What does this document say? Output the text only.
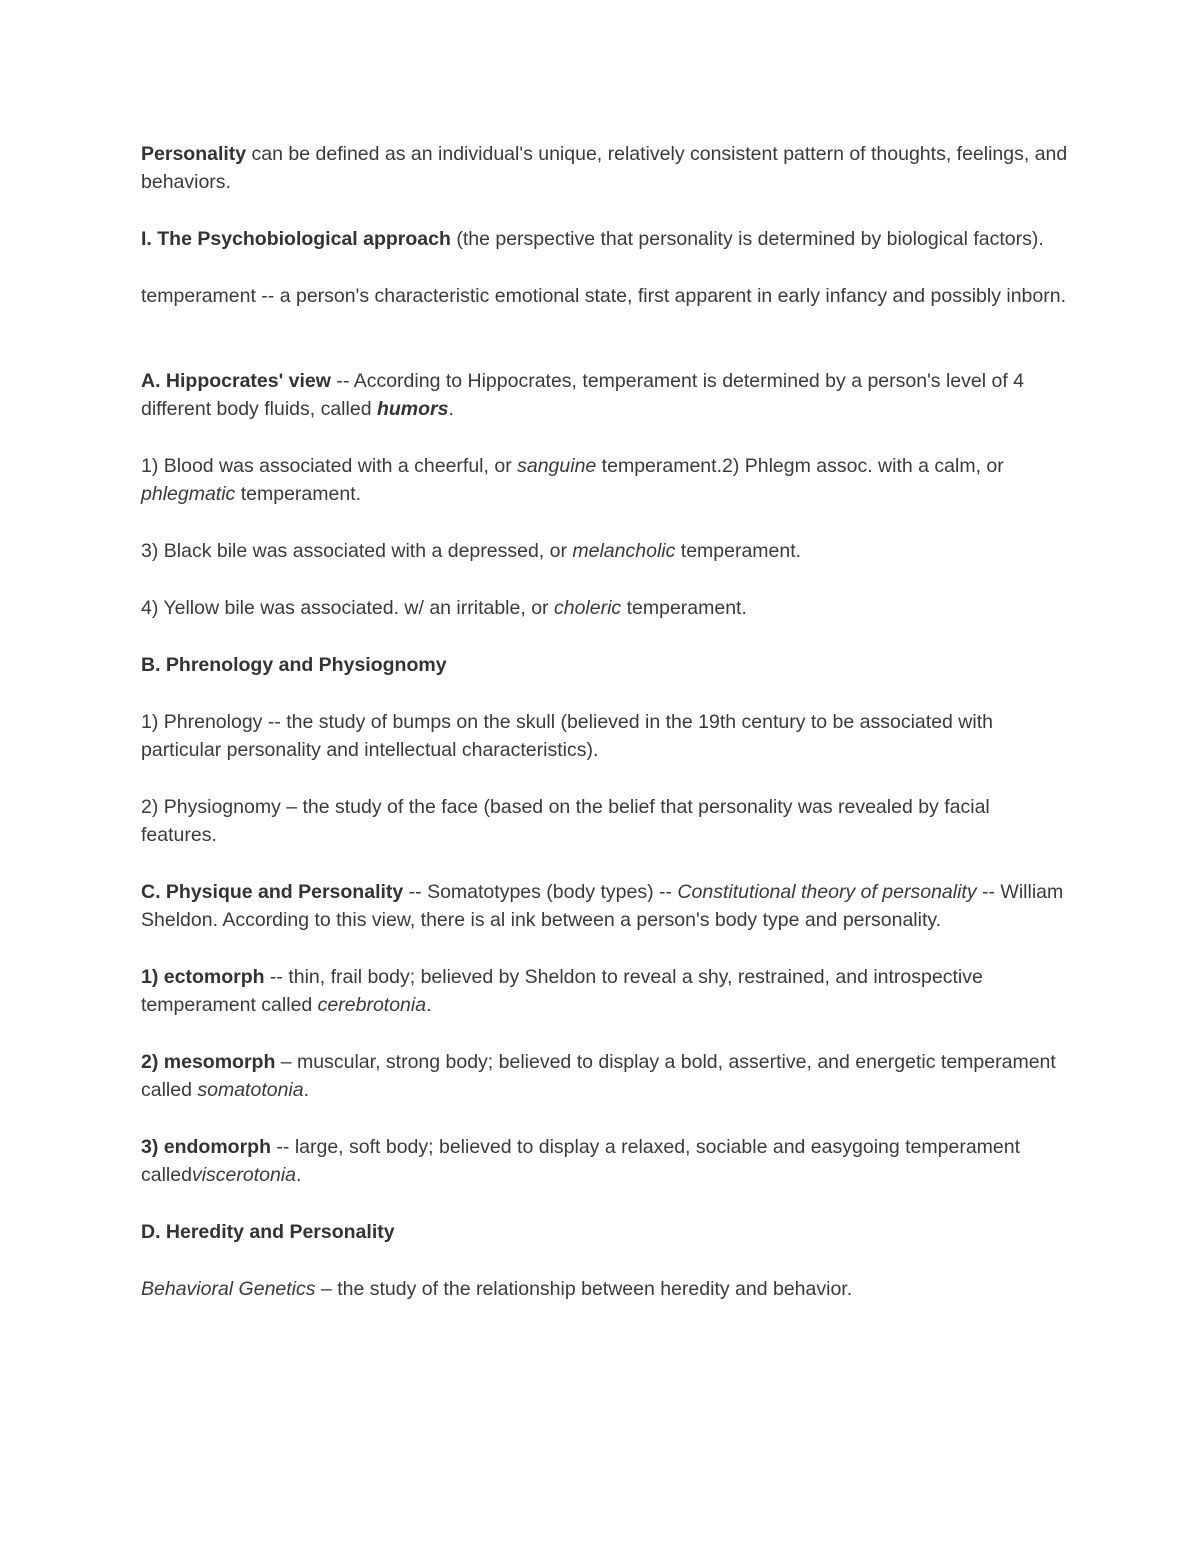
Personality can be defined as an individual's unique, relatively consistent pattern of thoughts, feelings, and behaviors.

I. The Psychobiological approach (the perspective that personality is determined by biological factors).

temperament -- a person's characteristic emotional state, first apparent in early infancy and possibly inborn.

A. Hippocrates' view -- According to Hippocrates, temperament is determined by a person's level of 4 different body fluids, called humors.

1) Blood was associated with a cheerful, or sanguine temperament.2) Phlegm assoc. with a calm, or phlegmatic temperament.

3) Black bile was associated with a depressed, or melancholic temperament.

4) Yellow bile was associated. w/ an irritable, or choleric temperament.

B. Phrenology and Physiognomy

1) Phrenology -- the study of bumps on the skull (believed in the 19th century to be associated with particular personality and intellectual characteristics).

2) Physiognomy – the study of the face (based on the belief that personality was revealed by facial features.

C. Physique and Personality -- Somatotypes (body types) -- Constitutional theory of personality -- William Sheldon. According to this view, there is al ink between a person's body type and personality.

1) ectomorph -- thin, frail body; believed by Sheldon to reveal a shy, restrained, and introspective temperament called cerebrotonia.

2) mesomorph – muscular, strong body; believed to display a bold, assertive, and energetic temperament called somatotonia.

3) endomorph -- large, soft body; believed to display a relaxed, sociable and easygoing temperament calledviscerotonia.

D. Heredity and Personality

Behavioral Genetics – the study of the relationship between heredity and behavior.
